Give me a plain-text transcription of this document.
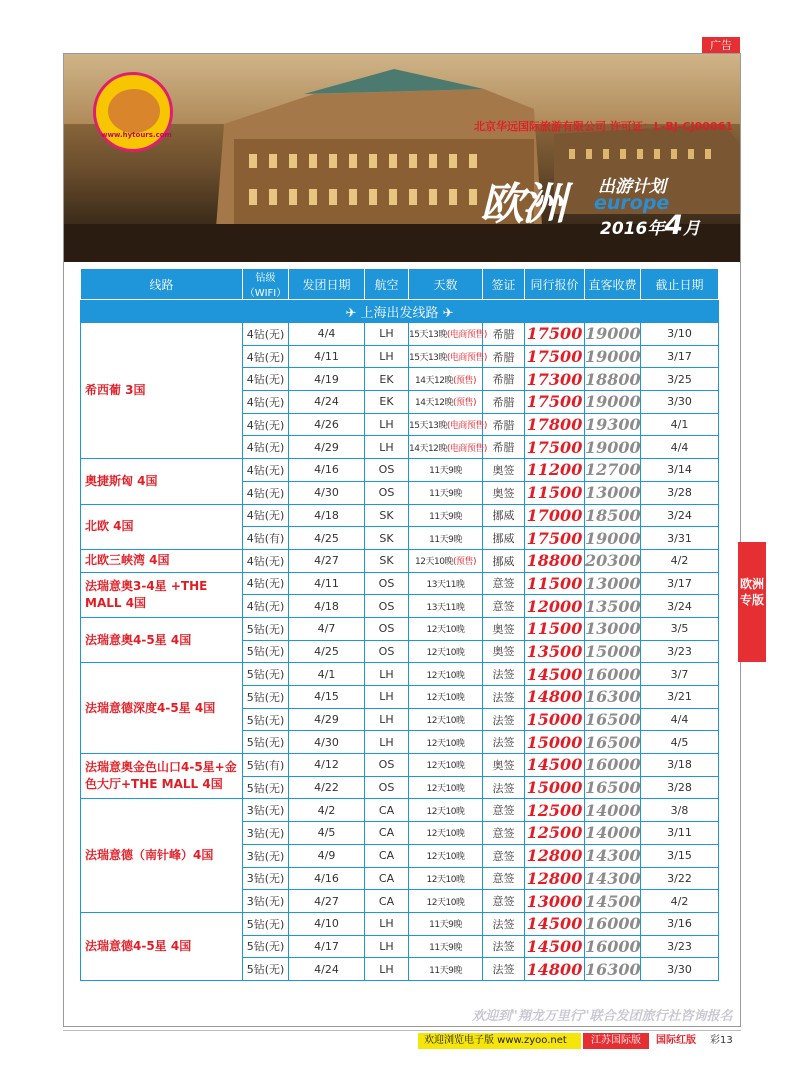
广告
北京华远国际旅游有限公司 许可证：L-BJ-CJ00061
www.hytours.com
欧洲 出游计划
europe
2016年4月
线路	钻级（WIFI）	发团日期	航空	天数	签证	同行报价	直客收费	截止日期
✈ 上海出发线路 ✈								
希西葡 3国	4钻(无)	4/4	LH	15天13晚(电商预售)	希腊	17500	19000	3/10
	4钻(无)	4/11	LH	15天13晚(电商预售)	希腊	17500	19000	3/17
	4钻(无)	4/19	EK	14天12晚(预售)	希腊	17300	18800	3/25
	4钻(无)	4/24	EK	14天12晚(预售)	希腊	17500	19000	3/30
	4钻(无)	4/26	LH	15天13晚(电商预售)	希腊	17800	19300	4/1
	4钻(无)	4/29	LH	14天12晚(电商预售)	希腊	17500	19000	4/4
奥捷斯匈 4国	4钻(无)	4/16	OS	11天9晚	奥签	11200	12700	3/14
	4钻(无)	4/30	OS	11天9晚	奥签	11500	13000	3/28
北欧 4国	4钻(无)	4/18	SK	11天9晚	挪威	17000	18500	3/24
	4钻(有)	4/25	SK	11天9晚	挪威	17500	19000	3/31
北欧三峡湾 4国	4钻(无)	4/27	SK	12天10晚(预售)	挪威	18800	20300	4/2
法瑞意奥3-4星 +THE MALL 4国	4钻(无)	4/11	OS	13天11晚	意签	11500	13000	3/17
	4钻(无)	4/18	OS	13天11晚	意签	12000	13500	3/24
法瑞意奥4-5星 4国	5钻(无)	4/7	OS	12天10晚	奥签	11500	13000	3/5
	5钻(无)	4/25	OS	12天10晚	奥签	13500	15000	3/23
法瑞意德深度4-5星 4国	5钻(无)	4/1	LH	12天10晚	法签	14500	16000	3/7
	5钻(无)	4/15	LH	12天10晚	法签	14800	16300	3/21
	5钻(无)	4/29	LH	12天10晚	法签	15000	16500	4/4
	5钻(无)	4/30	LH	12天10晚	法签	15000	16500	4/5
法瑞意奥金色山口4-5星+金色大厅+THE MALL 4国	5钻(有)	4/12	OS	12天10晚	奥签	14500	16000	3/18
	5钻(无)	4/22	OS	12天10晚	法签	15000	16500	3/28
法瑞意德（南针峰）4国	3钻(无)	4/2	CA	12天10晚	意签	12500	14000	3/8
	3钻(无)	4/5	CA	12天10晚	意签	12500	14000	3/11
	3钻(无)	4/9	CA	12天10晚	意签	12800	14300	3/15
	3钻(无)	4/16	CA	12天10晚	意签	12800	14300	3/22
	3钻(无)	4/27	CA	12天10晚	意签	13000	14500	4/2
法瑞意德4-5星 4国	5钻(无)	4/10	LH	11天9晚	法签	14500	16000	3/16
	5钻(无)	4/17	LH	11天9晚	法签	14500	16000	3/23
	5钻(无)	4/24	LH	11天9晚	法签	14800	16300	3/30
欧洲专版
欢迎到"翔龙万里行"联合发团旅行社咨询报名
欢迎浏览电子版 www.zyoo.net	江苏国际版	国际红版 彩13
